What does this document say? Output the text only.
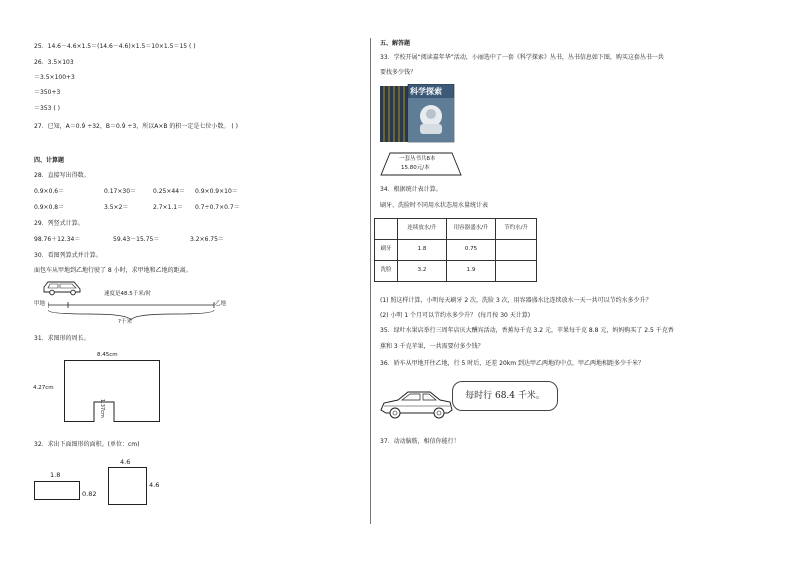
25．14.6－4.6×1.5＝(14.6－4.6)×1.5＝10×1.5＝15 ( )
26．3.5×103
＝3.5×100+3
＝350+3
＝353 ( )
27．已知，A＝0.9̇ ÷32，B＝0.9̇ ÷3，所以A×B 的积一定是七位小数。 ( )
四、计算题
28．直接写出得数。
0.9×0.6＝	0.17×30＝	0.25×44＝ 0.9×0.9×10＝
0.9×0.8＝	3.5×2＝	2.7×1.1＝ 0.7÷0.7×0.7＝
29．列竖式计算。
98.76＋12.34＝	59.43－15.75＝	3.2×6.75＝
30．看图列算式并计算。
面包车从甲地到乙地行驶了 8 小时，求甲地和乙地的距离。
速度是48.5千米/时
甲地	乙地
?千米
31．求图形的周长。
8.45cm
4.27cm
1.37cm
32．求出下面图形的面积。(单位：cm)
1.8
0.82
4.6
4.6
五、解答题
33．学校开展“阅读嘉年华”活动，小丽选中了一套《科学探索》丛书，丛书信息如下图，购买这套丛书一共
要找多少钱？
科学探索
一套丛书共8本
15.80元/本
34．根据统计表计算。
刷牙、洗脸时不同用水状态用水量统计表
	连续放水/升	用容器盛水/升	节约水/升
刷牙	1.8	0.75	
洗脸	3.2	1.9	
(1) 照这样计算，小明每天刷牙 2 次，洗脸 3 次，用容器盛水比连续放水一天一共可以节约水多少升？
(2) 小明 1 个月可以节约水多少升？ (每月按 30 天计算)
35．绿叶水果店举行三周年店庆大酬宾活动，香蕉每千克 3.2 元，苹果每千克 8.8 元，妈妈购买了 2.5 千克香
蕉和 3 千克苹果，一共需要付多少钱？
36．轿车从甲地开往乙地，行 5 时后，还差 20km 到达甲乙两地的中点，甲乙两地相距多少千米？
每时行 68.4 千米。
37．动动脑筋，相信你能行！
